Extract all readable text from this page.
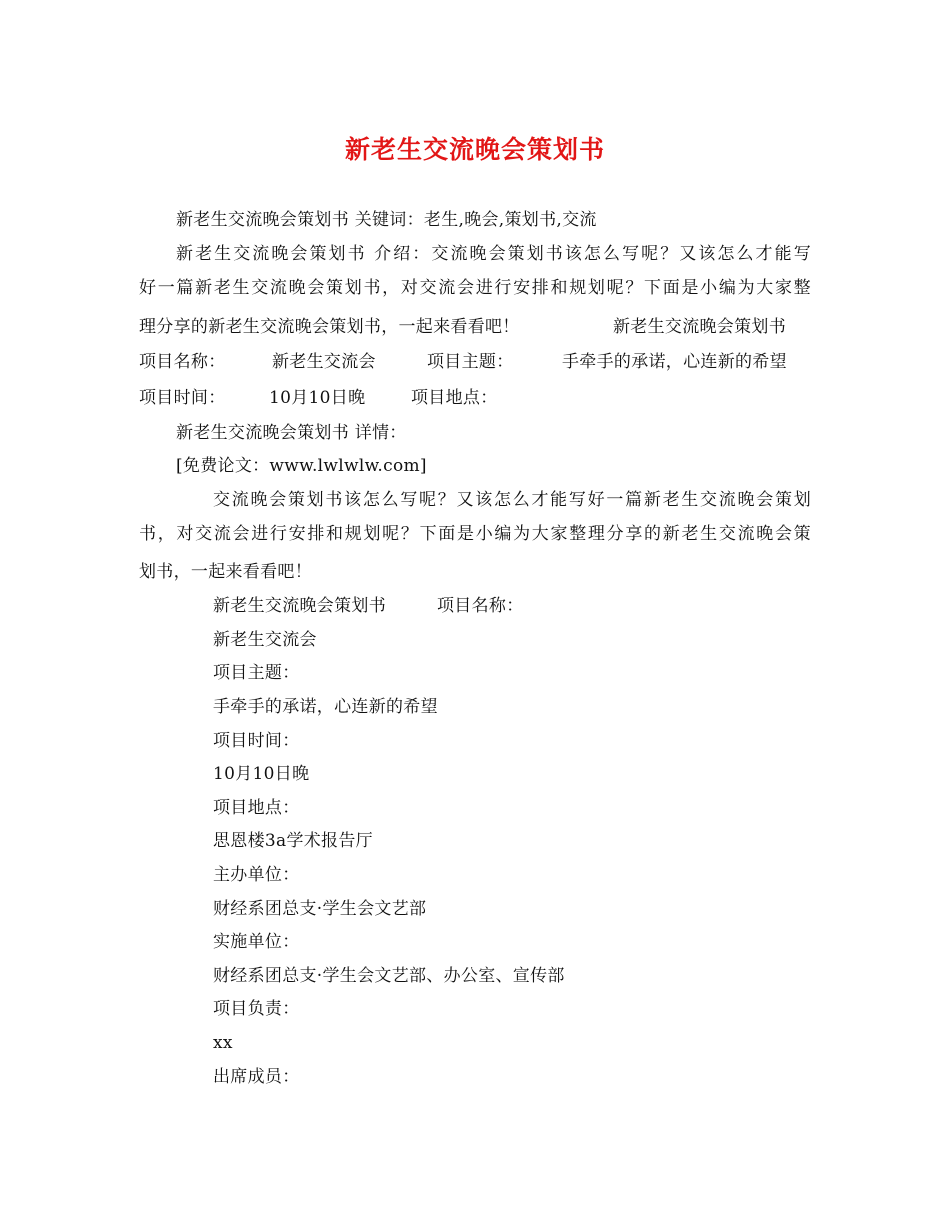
新老生交流晚会策划书
新老生交流晚会策划书 关键词：老生,晚会,策划书,交流
新老生交流晚会策划书 介绍：交流晚会策划书该怎么写呢？又该怎么才能写
好一篇新老生交流晚会策划书，对交流会进行安排和规划呢？下面是小编为大家整
理分享的新老生交流晚会策划书，一起来看看吧！	新老生交流晚会策划书
项目名称：	新老生交流会	项目主题：	手牵手的承诺，心连新的希望
项目时间：	10月10日晚	项目地点：
新老生交流晚会策划书 详情：
[免费论文：www.lwlwlw.com]
交流晚会策划书该怎么写呢？又该怎么才能写好一篇新老生交流晚会策划
书，对交流会进行安排和规划呢？下面是小编为大家整理分享的新老生交流晚会策
划书，一起来看看吧！
新老生交流晚会策划书	项目名称：
新老生交流会
项目主题：
手牵手的承诺，心连新的希望
项目时间：
10月10日晚
项目地点：
思恩楼3a学术报告厅
主办单位：
财经系团总支·学生会文艺部
实施单位：
财经系团总支·学生会文艺部、办公室、宣传部
项目负责：
xx
出席成员：
